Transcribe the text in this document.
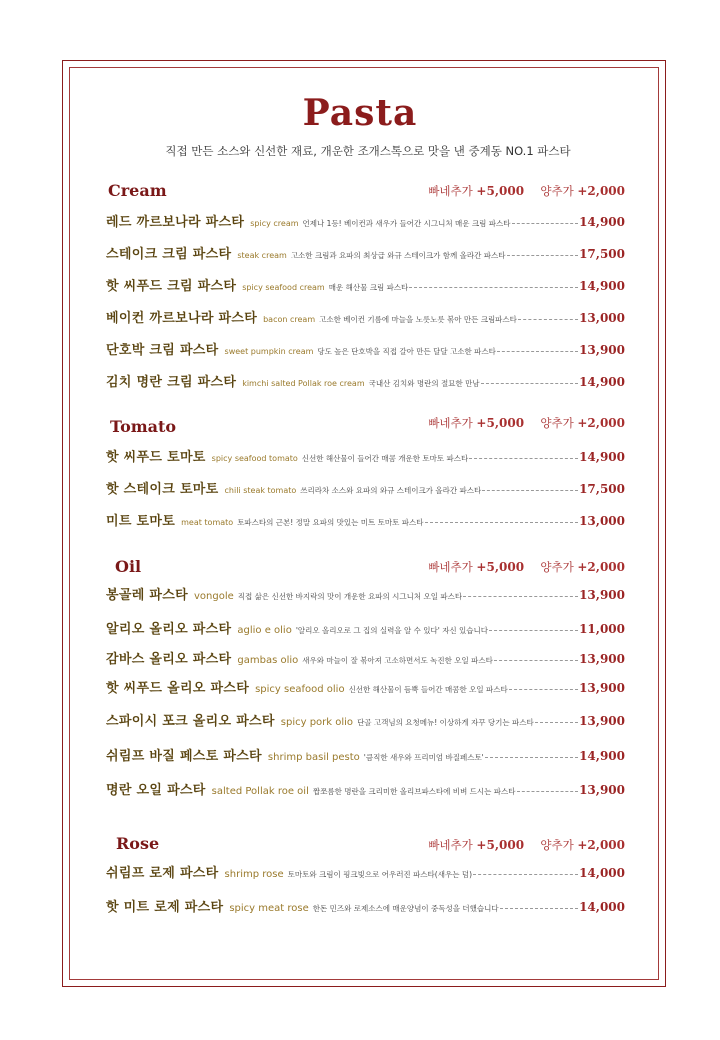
Pasta
직접 만든 소스와 신선한 재료, 개운한 조개스톡으로 맛을 낸 중계동 NO.1 파스타
Cream	빠네추가 +5,000 양추가 +2,000
레드 까르보나라 파스타 spicy cream 언제나 1등! 베이컨과 새우가 들어간 시그니처 매운 크림 파스타	14,900
스테이크 크림 파스타 steak cream 고소한 크림과 요파의 최상급 와규 스테이크가 함께 올라간 파스타	17,500
핫 씨푸드 크림 파스타 spicy seafood cream 매운 해산물 크림 파스타	14,900
베이컨 까르보나라 파스타 bacon cream 고소한 베이컨 기름에 마늘을 노릇노릇 볶아 만든 크림파스타	13,000
단호박 크림 파스타 sweet pumpkin cream 당도 높은 단호박을 직접 갈아 만든 달달 고소한 파스타	13,900
김치 명란 크림 파스타 kimchi salted Pollak roe cream 국내산 김치와 명란의 절묘한 만남	14,900
Tomato	빠네추가 +5,000 양추가 +2,000
핫 씨푸드 토마토 spicy seafood tomato 신선한 해산물이 들어간 매콤 개운한 토마토 파스타	14,900
핫 스테이크 토마토 chili steak tomato 쓰리라차 소스와 요파의 와규 스테이크가 올라간 파스타	17,500
미트 토마토 meat tomato 토파스타의 근본! 정말 요파의 맛있는 미트 토마토 파스타	13,000
Oil	빠네추가 +5,000 양추가 +2,000
봉골레 파스타 vongole 직접 삶은 신선한 바지락의 맛이 개운한 요파의 시그니처 오일 파스타	13,900
알리오 올리오 파스타 aglio e olio '알리오 올리오로 그 집의 실력을 알 수 있다' 자신 있습니다	11,000
감바스 올리오 파스타 gambas olio 새우와 마늘이 잘 볶아져 고소하면서도 녹진한 오일 파스타	13,900
핫 씨푸드 올리오 파스타 spicy seafood olio 신선한 해산물이 듬뿍 들어간 매콤한 오일 파스타	13,900
스파이시 포크 올리오 파스타 spicy pork olio 단골 고객님의 요청메뉴! 이상하게 자꾸 당기는 파스타	13,900
쉬림프 바질 페스토 파스타 shrimp basil pesto '큼직한 새우와 프리미엄 바질페스토'	14,900
명란 오일 파스타 salted Pollak roe oil 짭쪼름한 명란을 크리미한 올리브파스타에 비벼 드시는 파스타	13,900
Rose	빠네추가 +5,000 양추가 +2,000
쉬림프 로제 파스타 shrimp rose 토마토와 크림이 핑크빛으로 어우러진 파스타(새우는 덤)	14,000
핫 미트 로제 파스타 spicy meat rose 한돈 민즈와 로제소스에 매운양념이 중독성을 더했습니다	14,000
